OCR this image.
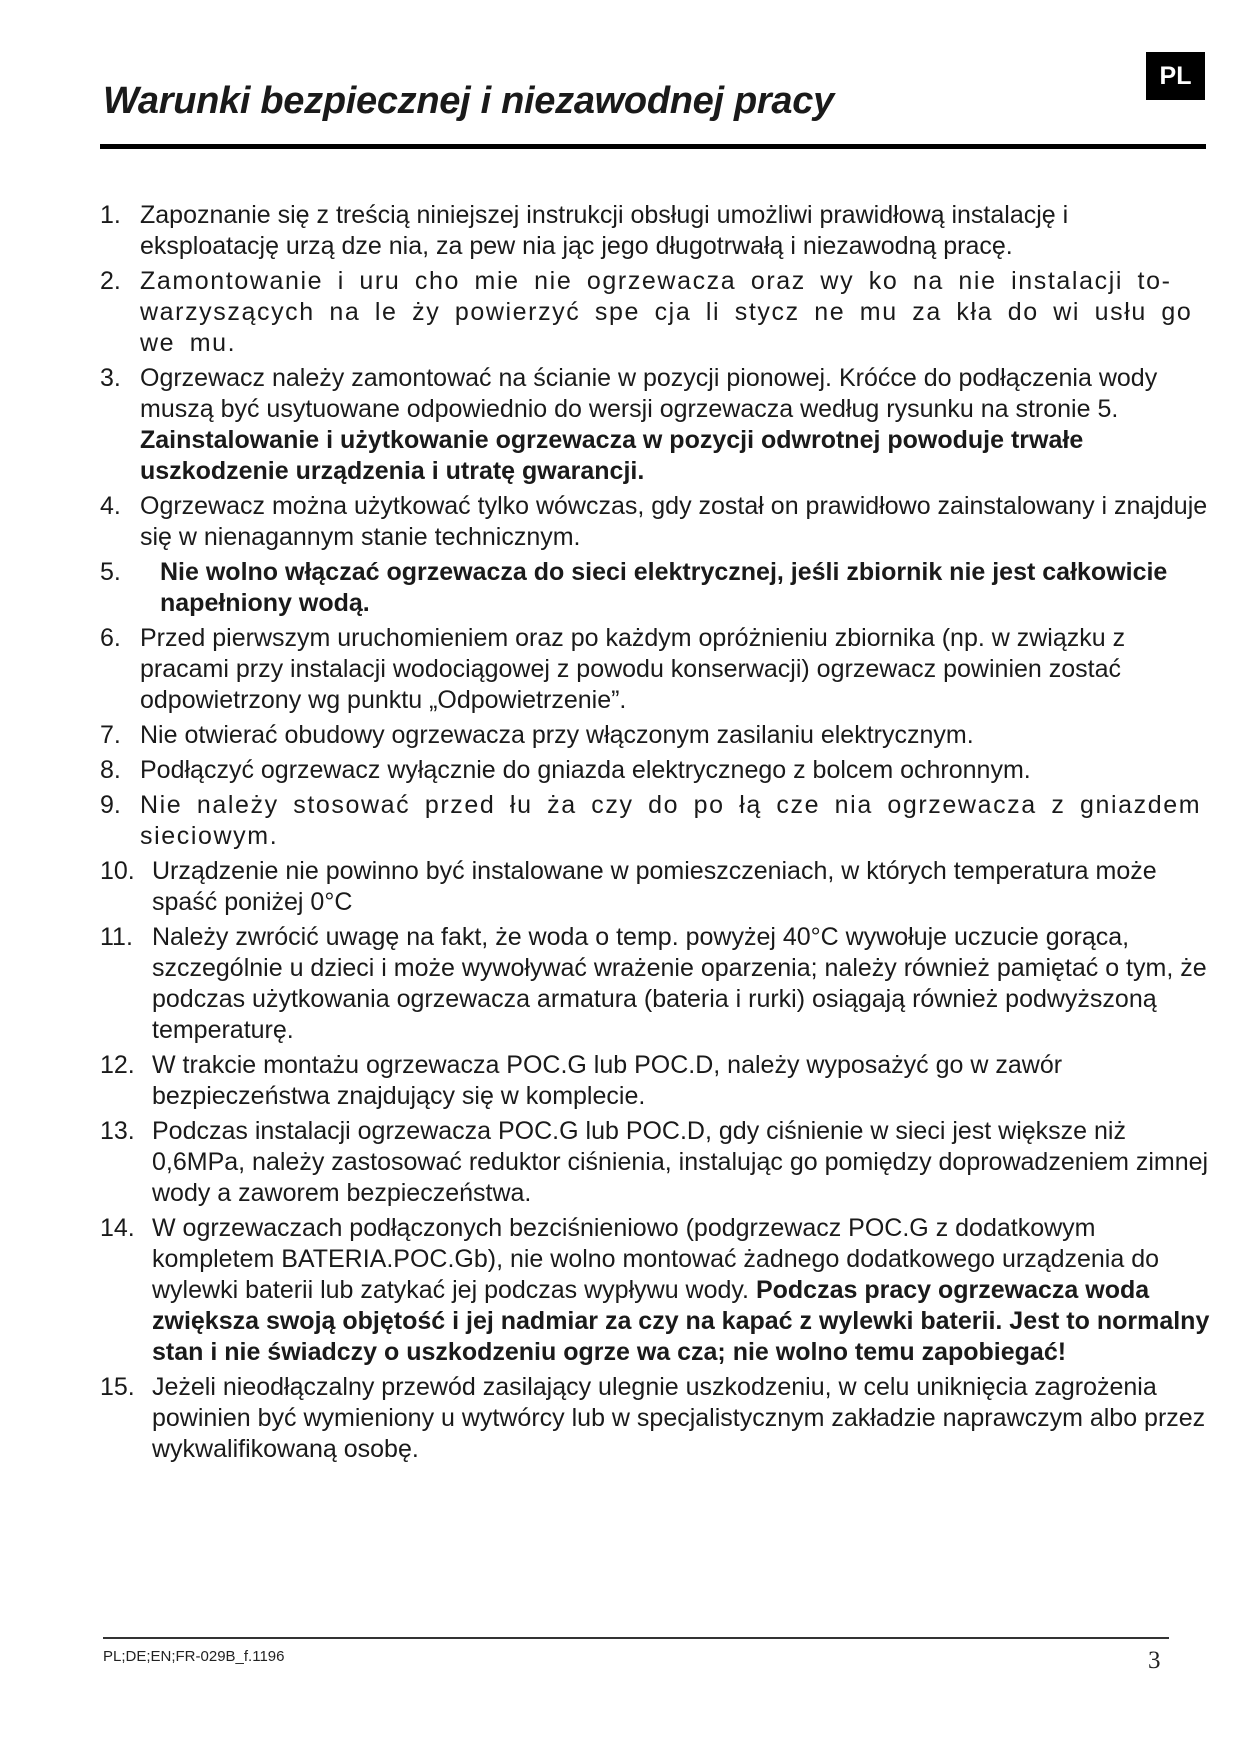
PL
Warunki bezpiecznej i niezawodnej pracy
1. Zapoznanie się z treścią niniejszej instrukcji obsługi umożliwi prawidłową instalację i eksploatację urzą dze nia, za pew nia jąc jego długotrwałą i niezawodną pracę.
2. Zamontowanie i uru cho mie nie ogrzewacza oraz wy ko na nie instalacji towarzyszących na le ży powierzyć spe cja li stycz ne mu za kła do wi usłu go we mu.
3. Ogrzewacz należy zamontować na ścianie w pozycji pionowej. Króćce do podłączenia wody muszą być usytuowane odpowiednio do wersji ogrzewacza według rysunku na stronie 5. Zainstalowanie i użytkowanie ogrzewacza w pozycji odwrotnej powoduje trwałe uszkodzenie urządzenia i utratę gwarancji.
4. Ogrzewacz można użytkować tylko wówczas, gdy został on prawidłowo zainstalowany i znajduje się w nienagannym stanie technicznym.
5.	Nie wolno włączać ogrzewacza do sieci elektrycznej, jeśli zbiornik nie jest całkowicie napełniony wodą.
6. Przed pierwszym uruchomieniem oraz po każdym opróżnieniu zbiornika (np. w związku z pracami przy instalacji wodociągowej z powodu konserwacji) ogrzewacz powinien zostać odpowietrzony wg punktu „Odpowietrzenie”.
7. Nie otwierać obudowy ogrzewacza przy włączonym zasilaniu elektrycznym.
8. Podłączyć ogrzewacz wyłącznie do gniazda elektrycznego z bolcem ochronnym.
9. Nie należy stosować przed łu ża czy do po łą cze nia ogrzewacza z gniazdem sieciowym.
10. Urządzenie nie powinno być instalowane w pomieszczeniach, w których temperatura może spaść poniżej 0°C
11. Należy zwrócić uwagę na fakt, że woda o temp. powyżej 40°C wywołuje uczucie gorąca, szczególnie u dzieci i może wywoływać wrażenie oparzenia; należy również pamiętać o tym, że podczas użytkowania ogrzewacza armatura (bateria i rurki) osiągają również podwyższoną temperaturę.
12. W trakcie montażu ogrzewacza POC.G lub POC.D, należy wyposażyć go w zawór bezpieczeństwa znajdujący się w komplecie.
13. Podczas instalacji ogrzewacza POC.G lub POC.D, gdy ciśnienie w sieci jest większe niż 0,6MPa, należy zastosować reduktor ciśnienia, instalując go pomiędzy doprowadzeniem zimnej wody a zaworem bezpieczeństwa.
14. W ogrzewaczach podłączonych bezciśnieniowo (podgrzewacz POC.G z dodatkowym kompletem BATERIA.POC.Gb), nie wolno montować żadnego dodatkowego urządzenia do wylewki baterii lub zatykać jej podczas wypływu wody. Podczas pracy ogrzewacza woda zwiększa swoją objętość i jej nadmiar za czy na kapać z wylewki baterii. Jest to normalny stan i nie świadczy o uszkodzeniu ogrze wa cza; nie wolno temu zapobiegać!
15. Jeżeli nieodłączalny przewód zasilający ulegnie uszkodzeniu, w celu uniknięcia zagrożenia powinien być wymieniony u wytwórcy lub w specjalistycznym zakładzie naprawczym albo przez wykwalifikowaną osobę.
PL;DE;EN;FR-029B_f.1196	3
